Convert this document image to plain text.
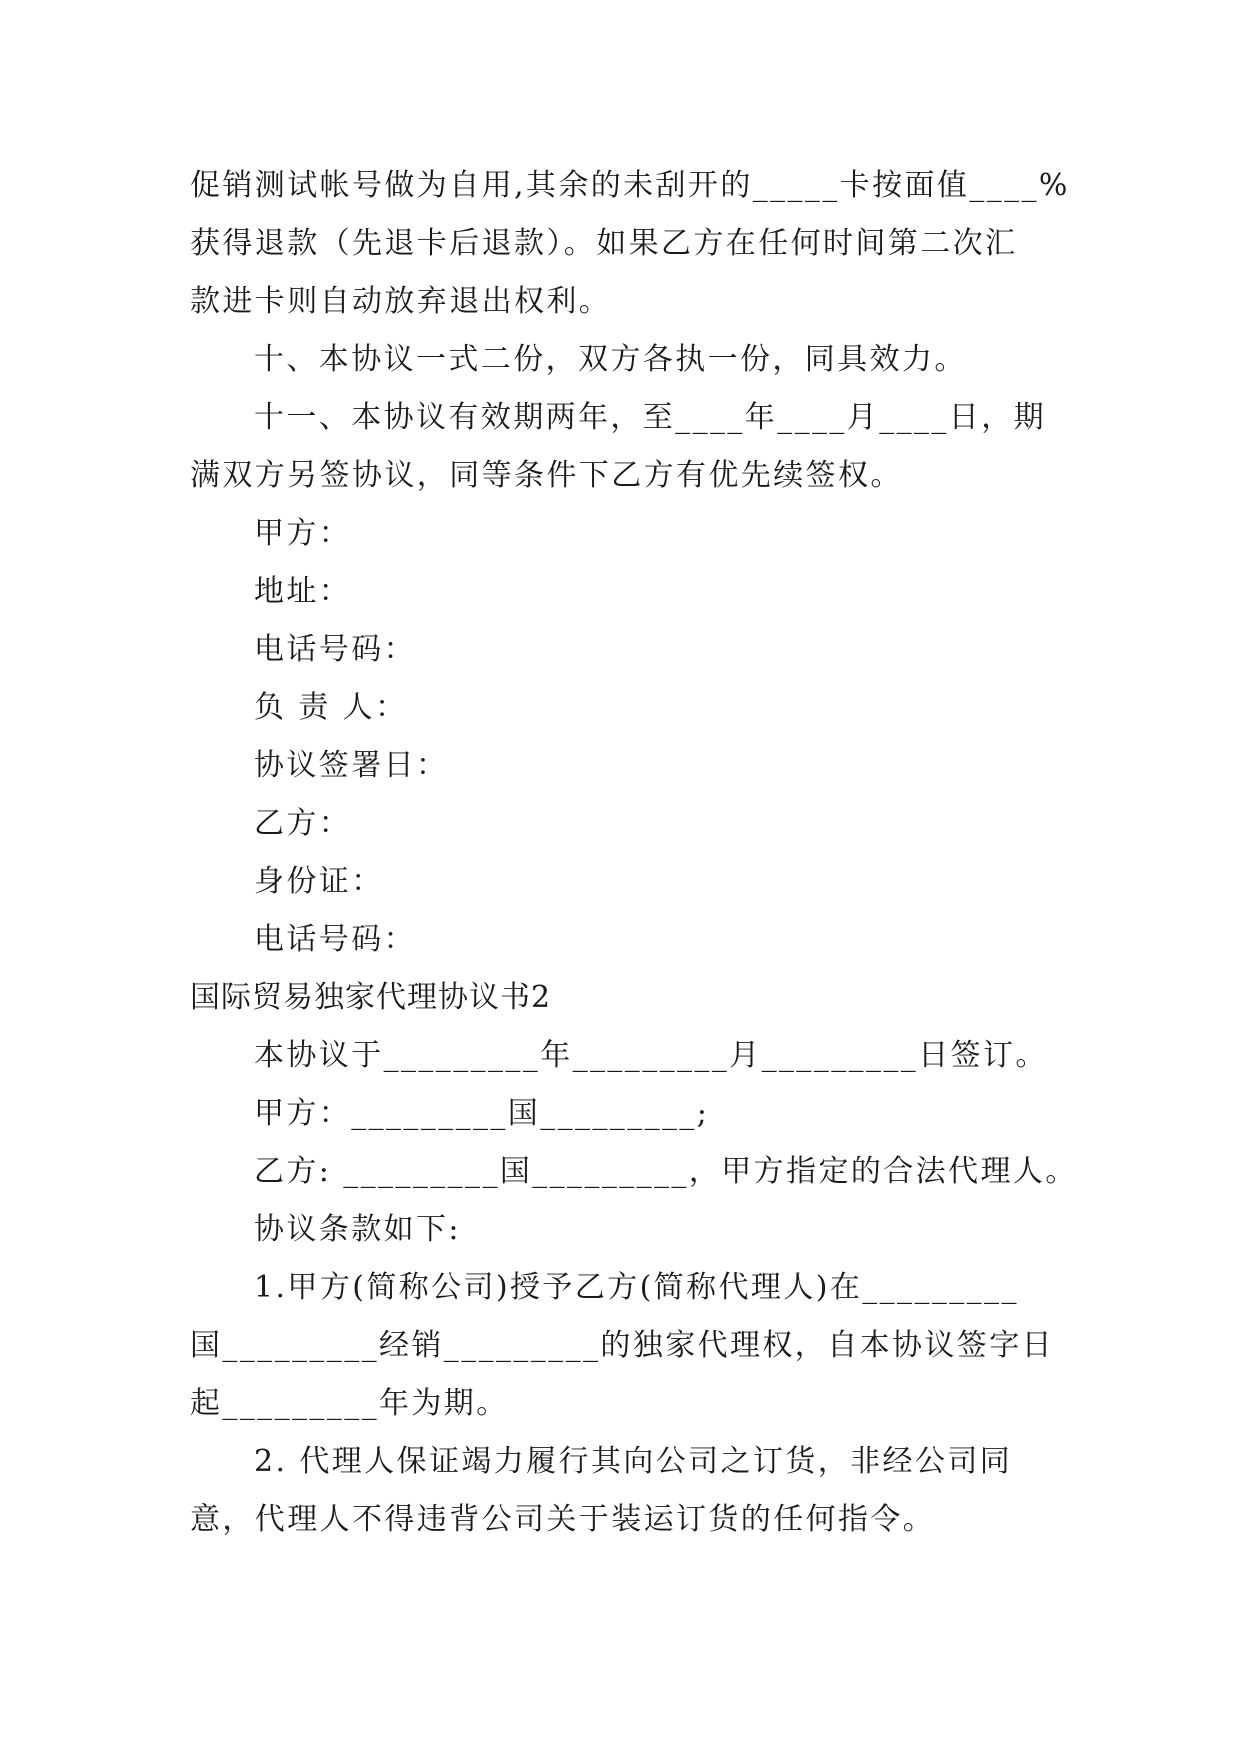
促销测试帐号做为自用,其余的未刮开的_____卡按面值____%
获得退款（先退卡后退款）。如果乙方在任何时间第二次汇
款进卡则自动放弃退出权利。
十、本协议一式二份，双方各执一份，同具效力。
十一、本协议有效期两年，至____年____月____日，期
满双方另签协议，同等条件下乙方有优先续签权。
甲方：
地址：
电话号码：
负 责 人：
协议签署日：
乙方：
身份证：
电话号码：
国际贸易独家代理协议书2
本协议于_________年_________月_________日签订。
甲方：_________国_________;
乙方: _________国_________，甲方指定的合法代理人。
协议条款如下:
1.甲方(简称公司)授予乙方(简称代理人)在_________
国_________经销_________的独家代理权，自本协议签字日
起_________年为期。
2. 代理人保证竭力履行其向公司之订货，非经公司同
意，代理人不得违背公司关于装运订货的任何指令。
